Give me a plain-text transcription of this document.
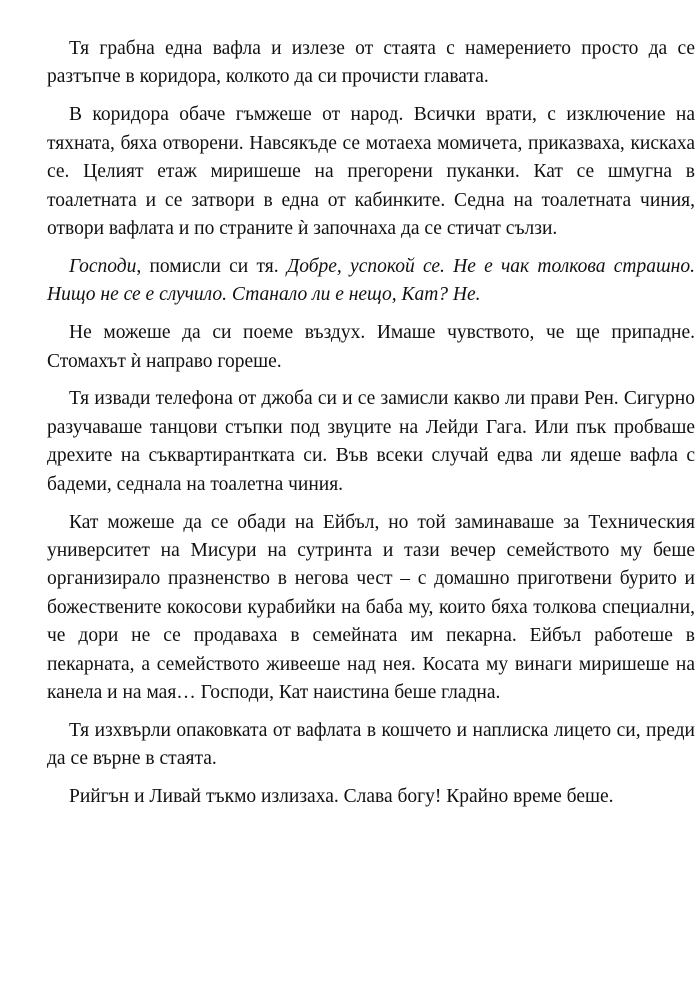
Тя грабна една вафла и излезе от стаята с намерението просто да се разтъпче в коридора, колкото да си прочисти главата.

В коридора обаче гъмжеше от народ. Всички врати, с изключение на тяхната, бяха отворени. Навсякъде се мотаеха момичета, приказваха, кискаха се. Целият етаж миришеше на прегорени пуканки. Кат се шмугна в тоалетната и се затвори в една от кабинките. Седна на тоалетната чиния, отвори вафлата и по страните ѝ започнаха да се стичат сълзи.

Господи, помисли си тя. Добре, успокой се. Не е чак толкова страшно. Нищо не се е случило. Станало ли е нещо, Кат? Не.

Не можеше да си поеме въздух. Имаше чувството, че ще припадне. Стомахът ѝ направо гореше.

Тя извади телефона от джоба си и се замисли какво ли прави Рен. Сигурно разучаваше танцови стъпки под звуците на Лейди Гага. Или пък пробваше дрехите на съквартирантката си. Във всеки случай едва ли ядеше вафла с бадеми, седнала на тоалетна чиния.

Кат можеше да се обади на Ейбъл, но той заминаваше за Техническия университет на Мисури на сутринта и тази вечер семейството му беше организирало празненство в негова чест – с домашно приготвени бурито и божествените кокосови курабийки на баба му, които бяха толкова специални, че дори не се продаваха в семейната им пекарна. Ейбъл работеше в пекарната, а семейството живееше над нея. Косата му винаги миришеше на канела и на мая… Господи, Кат наистина беше гладна.

Тя изхвърли опаковката от вафлата в кошчето и наплиска лицето си, преди да се върне в стаята.

Рийгън и Ливай тъкмо излизаха. Слава богу! Крайно време беше.
